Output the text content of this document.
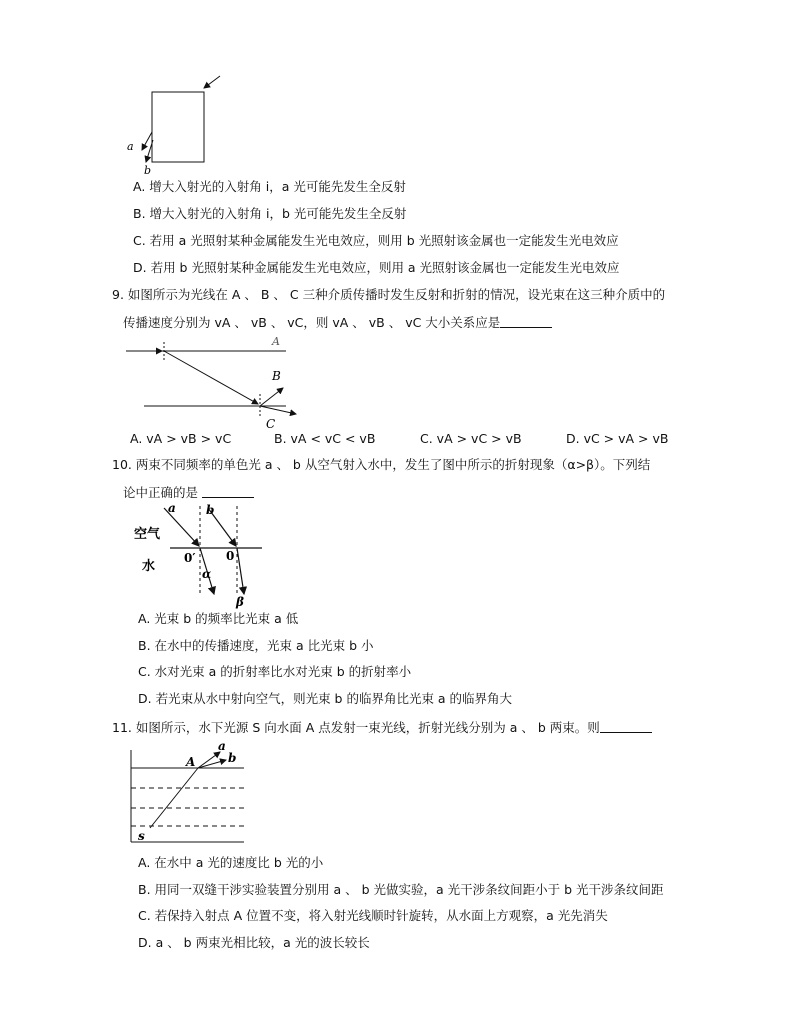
a
b
A. 增大入射光的入射角 i，a 光可能先发生全反射
B. 增大入射光的入射角 i，b 光可能先发生全反射
C. 若用 a 光照射某种金属能发生光电效应，则用 b 光照射该金属也一定能发生光电效应
D. 若用 b 光照射某种金属能发生光电效应，则用 a 光照射该金属也一定能发生光电效应
9. 如图所示为光线在 A 、 B 、 C 三种介质传播时发生反射和折射的情况，设光束在这三种介质中的
传播速度分别为 vA 、 vB 、 vC，则 vA 、 vB 、 vC 大小关系应是
A
B
C
A. vA > vB > vC	B. vA < vC < vB	C. vA > vC > vB	D. vC > vA > vB
10. 两束不同频率的单色光 a 、 b 从空气射入水中，发生了图中所示的折射现象（α>β）。下列结
论中正确的是
空气
水
a	b
0′	0
α
β
A. 光束 b 的频率比光束 a 低
B. 在水中的传播速度，光束 a 比光束 b 小
C. 水对光束 a 的折射率比水对光束 b 的折射率小
D. 若光束从水中射向空气，则光束 b 的临界角比光束 a 的临界角大
11. 如图所示，水下光源 S 向水面 A 点发射一束光线，折射光线分别为 a 、 b 两束。则
A
a
b
s
A. 在水中 a 光的速度比 b 光的小
B. 用同一双缝干涉实验装置分别用 a 、 b 光做实验，a 光干涉条纹间距小于 b 光干涉条纹间距
C. 若保持入射点 A 位置不变，将入射光线顺时针旋转，从水面上方观察，a 光先消失
D. a 、 b 两束光相比较，a 光的波长较长
